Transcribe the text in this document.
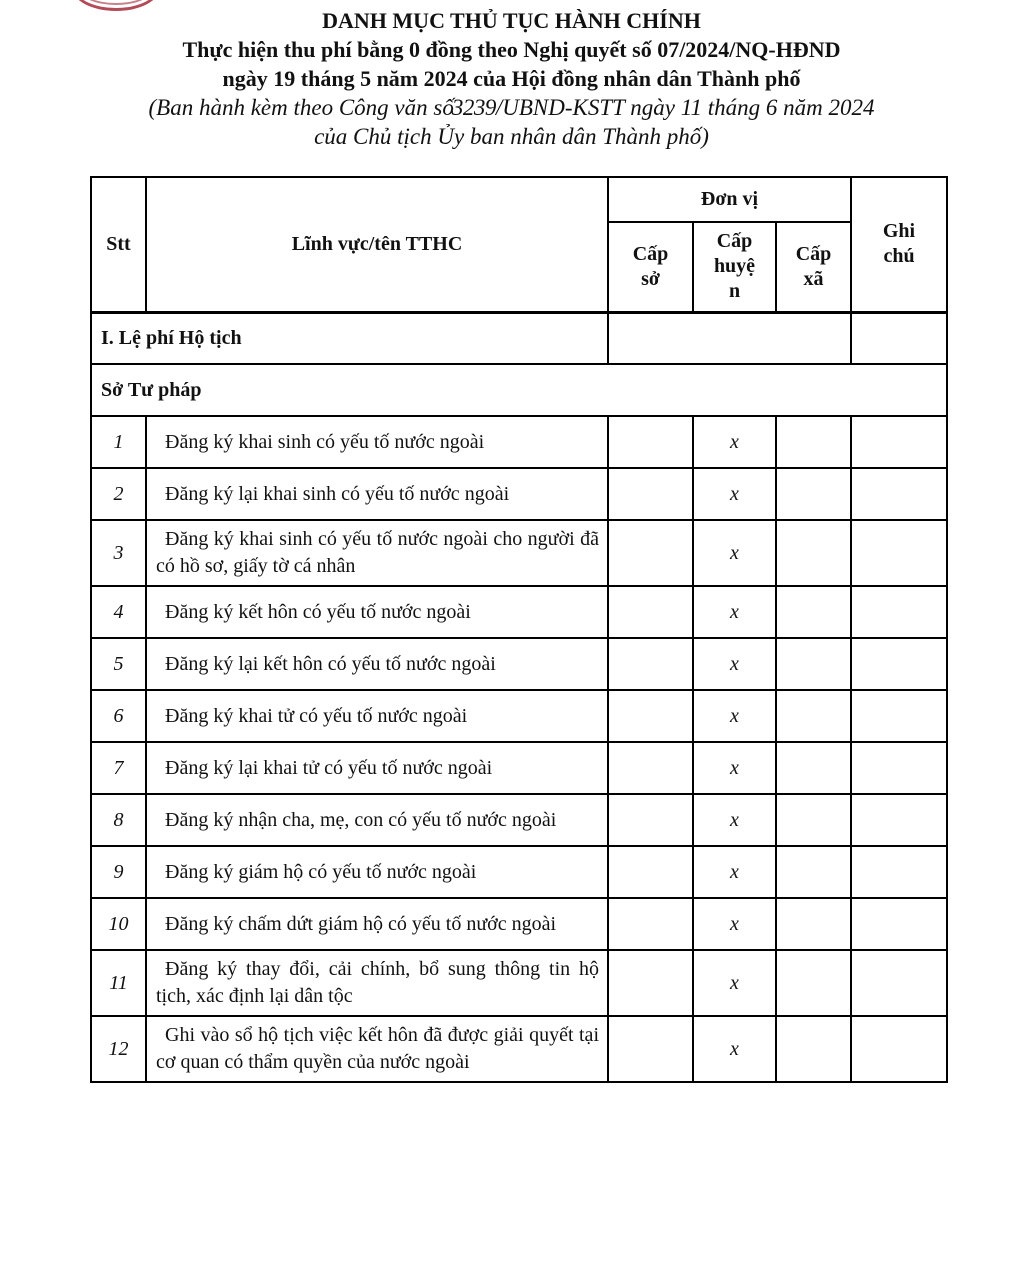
DANH MỤC THỦ TỤC HÀNH CHÍNH
Thực hiện thu phí bằng 0 đồng theo Nghị quyết số 07/2024/NQ-HĐND
ngày 19 tháng 5 năm 2024 của Hội đồng nhân dân Thành phố
(Ban hành kèm theo Công văn số3239/UBND-KSTT ngày 11 tháng 6 năm 2024
của Chủ tịch Ủy ban nhân dân Thành phố)
Stt	Lĩnh vực/tên TTHC	Đơn vị			Ghi chú
		Cấp sở	Cấp huyện	Cấp xã	
I. Lệ phí Hộ tịch					
Sở Tư pháp					
1	Đăng ký khai sinh có yếu tố nước ngoài		x		
2	Đăng ký lại khai sinh có yếu tố nước ngoài		x		
3	Đăng ký khai sinh có yếu tố nước ngoài cho người đã có hồ sơ, giấy tờ cá nhân		x		
4	Đăng ký kết hôn có yếu tố nước ngoài		x		
5	Đăng ký lại kết hôn có yếu tố nước ngoài		x		
6	Đăng ký khai tử có yếu tố nước ngoài		x		
7	Đăng ký lại khai tử có yếu tố nước ngoài		x		
8	Đăng ký nhận cha, mẹ, con có yếu tố nước ngoài		x		
9	Đăng ký giám hộ có yếu tố nước ngoài		x		
10	Đăng ký chấm dứt giám hộ có yếu tố nước ngoài		x		
11	Đăng ký thay đổi, cải chính, bổ sung thông tin hộ tịch, xác định lại dân tộc		x		
12	Ghi vào sổ hộ tịch việc kết hôn đã được giải quyết tại cơ quan có thẩm quyền của nước ngoài		x		
